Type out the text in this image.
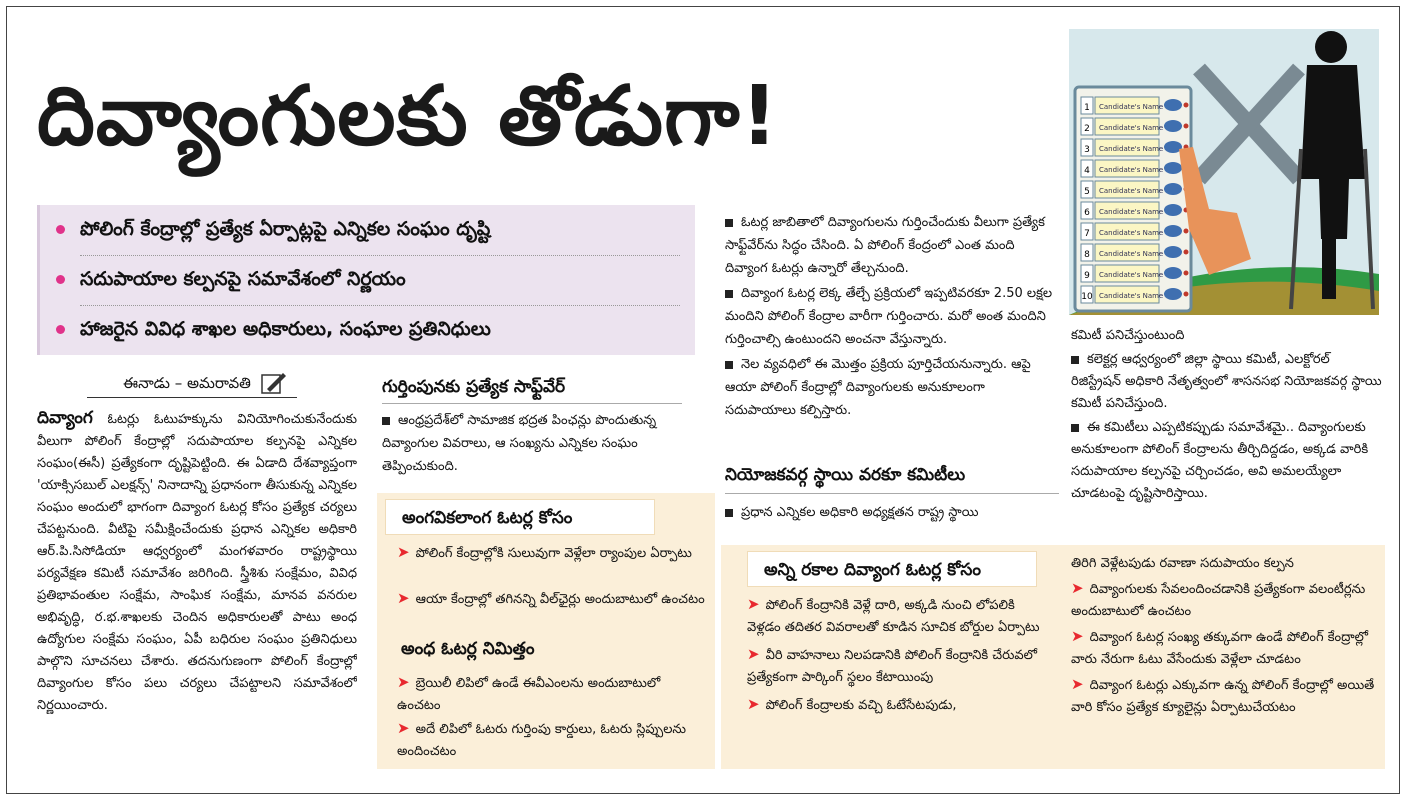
దివ్యాంగులకు తోడుగా!	1 Candidate's Name
2 Candidate's Name
3 Candidate's Name
4 Candidate's Name
5 Candidate's Name
6 Candidate's Name
7 Candidate's Name
8 Candidate's Name
9 Candidate's Name
10 Candidate's Name
పోలింగ్ కేంద్రాల్లో ప్రత్యేక ఏర్పాట్లపై ఎన్నికల సంఘం దృష్టి
సదుపాయాల కల్పనపై సమావేశంలో నిర్ణయం
హాజరైన వివిధ శాఖల అధికారులు, సంఘాల ప్రతినిధులు
ఈనాడు – అమరావతి
దివ్యాంగ ఓటర్లు ఓటుహక్కును వినియోగించుకునేందుకు వీలుగా పోలింగ్ కేంద్రాల్లో సదుపాయాల కల్పనపై ఎన్నికల సంఘం(ఈసీ) ప్రత్యేకంగా దృష్టిపెట్టింది. ఈ ఏడాది దేశవ్యాప్తంగా 'యాక్సిసబుల్ ఎలక్షన్స్' నినాదాన్ని ప్రధానంగా తీసుకున్న ఎన్నికల సంఘం అందులో భాగంగా దివ్యాంగ ఓటర్ల కోసం ప్రత్యేక చర్యలు చేపట్టనుంది. వీటిపై సమీక్షించేందుకు ప్రధాన ఎన్నికల అధికారి ఆర్.పి.సిసోడియా ఆధ్వర్యంలో మంగళవారం రాష్ట్రస్థాయి పర్యవేక్షణ కమిటీ సమావేశం జరిగింది. స్త్రీశిశు సంక్షేమం, వివిధ ప్రతిభావంతుల సంక్షేమ, సాంఘిక సంక్షేమ, మానవ వనరుల అభివృద్ధి, ర.భ.శాఖలకు చెందిన అధికారులతో పాటు అంధ ఉద్యోగుల సంక్షేమ సంఘం, ఏపీ బధిరుల సంఘం ప్రతినిధులు పాల్గొని సూచనలు చేశారు. తదనుగుణంగా పోలింగ్ కేంద్రాల్లో దివ్యాంగుల కోసం పలు చర్యలు చేపట్టాలని సమావేశంలో నిర్ణయించారు.
గుర్తింపునకు ప్రత్యేక సాఫ్ట్‌వేర్
ఆంధ్రప్రదేశ్‌లో సామాజిక భద్రత పింఛన్లు పొందుతున్న దివ్యాంగుల వివరాలు, ఆ సంఖ్యను ఎన్నికల సంఘం తెప్పించుకుంది.
అంగవికలాంగ ఓటర్ల కోసం
➤ పోలింగ్ కేంద్రాల్లోకి సులువుగా వెళ్లేలా ర్యాంపుల ఏర్పాటు
➤ ఆయా కేంద్రాల్లో తగినన్ని వీల్‌ఛైర్లు అందుబాటులో ఉంచటం
అంధ ఓటర్ల నిమిత్తం
➤ బ్రెయిలీ లిపిలో ఉండే ఈవీఎంలను అందుబాటులో ఉంచటం
➤ అదే లిపిలో ఓటరు గుర్తింపు కార్డులు, ఓటరు స్లిప్పులను అందించటం

ఓటర్ల జాబితాలో దివ్యాంగులను గుర్తించేందుకు వీలుగా ప్రత్యేక సాఫ్ట్‌వేర్‌ను సిద్ధం చేసింది. ఏ పోలింగ్ కేంద్రంలో ఎంత మంది దివ్యాంగ ఓటర్లు ఉన్నారో తేల్చనుంది.

దివ్యాంగ ఓటర్ల లెక్క తేల్చే ప్రక్రియలో ఇప్పటివరకూ 2.50 లక్షల మందిని పోలింగ్ కేంద్రాల వారీగా గుర్తించారు. మరో అంత మందిని గుర్తించాల్సి ఉంటుందని అంచనా వేస్తున్నారు.

నెల వ్యవధిలో ఈ మొత్తం ప్రక్రియ పూర్తిచేయనున్నారు. ఆపై ఆయా పోలింగ్ కేంద్రాల్లో దివ్యాంగులకు అనుకూలంగా సదుపాయాలు కల్పిస్తారు.

నియోజకవర్గ స్థాయి వరకూ కమిటీలు
ప్రధాన ఎన్నికల అధికారి అధ్యక్షతన రాష్ట్ర స్థాయి

కమిటీ పనిచేస్తుంటుంది

కలెక్టర్ల ఆధ్వర్యంలో జిల్లా స్థాయి కమిటీ, ఎలక్టోరల్ రిజిస్ట్రేషన్ అధికారి నేతృత్వంలో శాసనసభ నియోజకవర్గ స్థాయి కమిటీ పనిచేస్తుంది.

ఈ కమిటీలు ఎప్పటికప్పుడు సమావేశమై.. దివ్యాంగులకు అనుకూలంగా పోలింగ్ కేంద్రాలను తీర్చిదిద్దడం, అక్కడ వారికి సదుపాయాల కల్పనపై చర్చించడం, అవి అమలయ్యేలా చూడటంపై దృష్టిసారిస్తాయి.

అన్ని రకాల దివ్యాంగ ఓటర్ల కోసం
➤ పోలింగ్ కేంద్రానికి వెళ్లే దారి, అక్కడి నుంచి లోపలికి వెళ్లడం తదితర వివరాలతో కూడిన సూచిక బోర్డుల ఏర్పాటు
➤ వీరి వాహనాలు నిలపడానికి పోలింగ్ కేంద్రానికి చేరువలో ప్రత్యేకంగా పార్కింగ్ స్థలం కేటాయింపు
➤ పోలింగ్ కేంద్రాలకు వచ్చి ఓటేసేటపుడు,
తిరిగి వెళ్లేటపుడు రవాణా సదుపాయం కల్పన
➤ దివ్యాంగులకు సేవలందించడానికి ప్రత్యేకంగా వలంటీర్లను అందుబాటులో ఉంచటం
➤ దివ్యాంగ ఓటర్ల సంఖ్య తక్కువగా ఉండే పోలింగ్ కేంద్రాల్లో వారు నేరుగా ఓటు వేసేందుకు వెళ్లేలా చూడటం
➤ దివ్యాంగ ఓటర్లు ఎక్కువగా ఉన్న పోలింగ్ కేంద్రాల్లో అయితే వారి కోసం ప్రత్యేక క్యూలైన్లు ఏర్పాటుచేయటం
